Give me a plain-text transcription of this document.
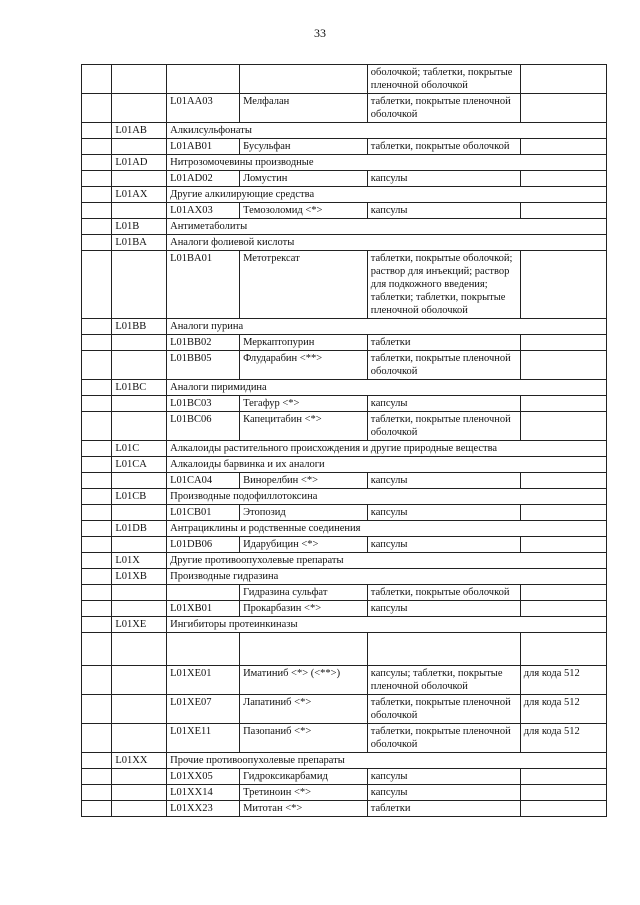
33
				оболочкой; таблетки, покрытые пленочной оболочкой	
		L01AA03	Мелфалан	таблетки, покрытые пленочной оболочкой	
	L01AB	Алкилсульфонаты			
		L01AB01	Бусульфан	таблетки, покрытые оболочкой	
	L01AD	Нитрозомочевины производные			
		L01AD02	Ломустин	капсулы	
	L01AX	Другие алкилирующие средства			
		L01AX03	Темозоломид <*>	капсулы	
	L01B	Антиметаболиты			
	L01BA	Аналоги фолиевой кислоты			
		L01BA01	Метотрексат	таблетки, покрытые оболочкой; раствор для инъекций; раствор для подкожного введения; таблетки; таблетки, покрытые пленочной оболочкой	
	L01BB	Аналоги пурина			
		L01BB02	Меркаптопурин	таблетки	
		L01BB05	Флударабин <**>	таблетки, покрытые пленочной оболочкой	
	L01BC	Аналоги пиримидина			
		L01BC03	Тегафур <*>	капсулы	
		L01BC06	Капецитабин <*>	таблетки, покрытые пленочной оболочкой	
	L01C	Алкалоиды растительного происхождения и другие природные вещества			
	L01CA	Алкалоиды барвинка и их аналоги			
		L01CA04	Винорелбин <*>	капсулы	
	L01CB	Производные подофиллотоксина			
		L01CB01	Этопозид	капсулы	
	L01DB	Антрациклины и родственные соединения			
		L01DB06	Идарубицин <*>	капсулы	
	L01X	Другие противоопухолевые препараты			
	L01XB	Производные гидразина			
			Гидразина сульфат	таблетки, покрытые оболочкой	
		L01XB01	Прокарбазин <*>	капсулы	
	L01XE	Ингибиторы протеинкиназы			

		L01XE01	Иматиниб <*> (<**>)	капсулы; таблетки, покрытые пленочной оболочкой	для кода 512
		L01XE07	Лапатиниб <*>	таблетки, покрытые пленочной оболочкой	для кода 512
		L01XE11	Пазопаниб <*>	таблетки, покрытые пленочной оболочкой	для кода 512
	L01XX	Прочие противоопухолевые препараты			
		L01XX05	Гидроксикарбамид	капсулы	
		L01XX14	Третиноин <*>	капсулы	
		L01XX23	Митотан <*>	таблетки	
